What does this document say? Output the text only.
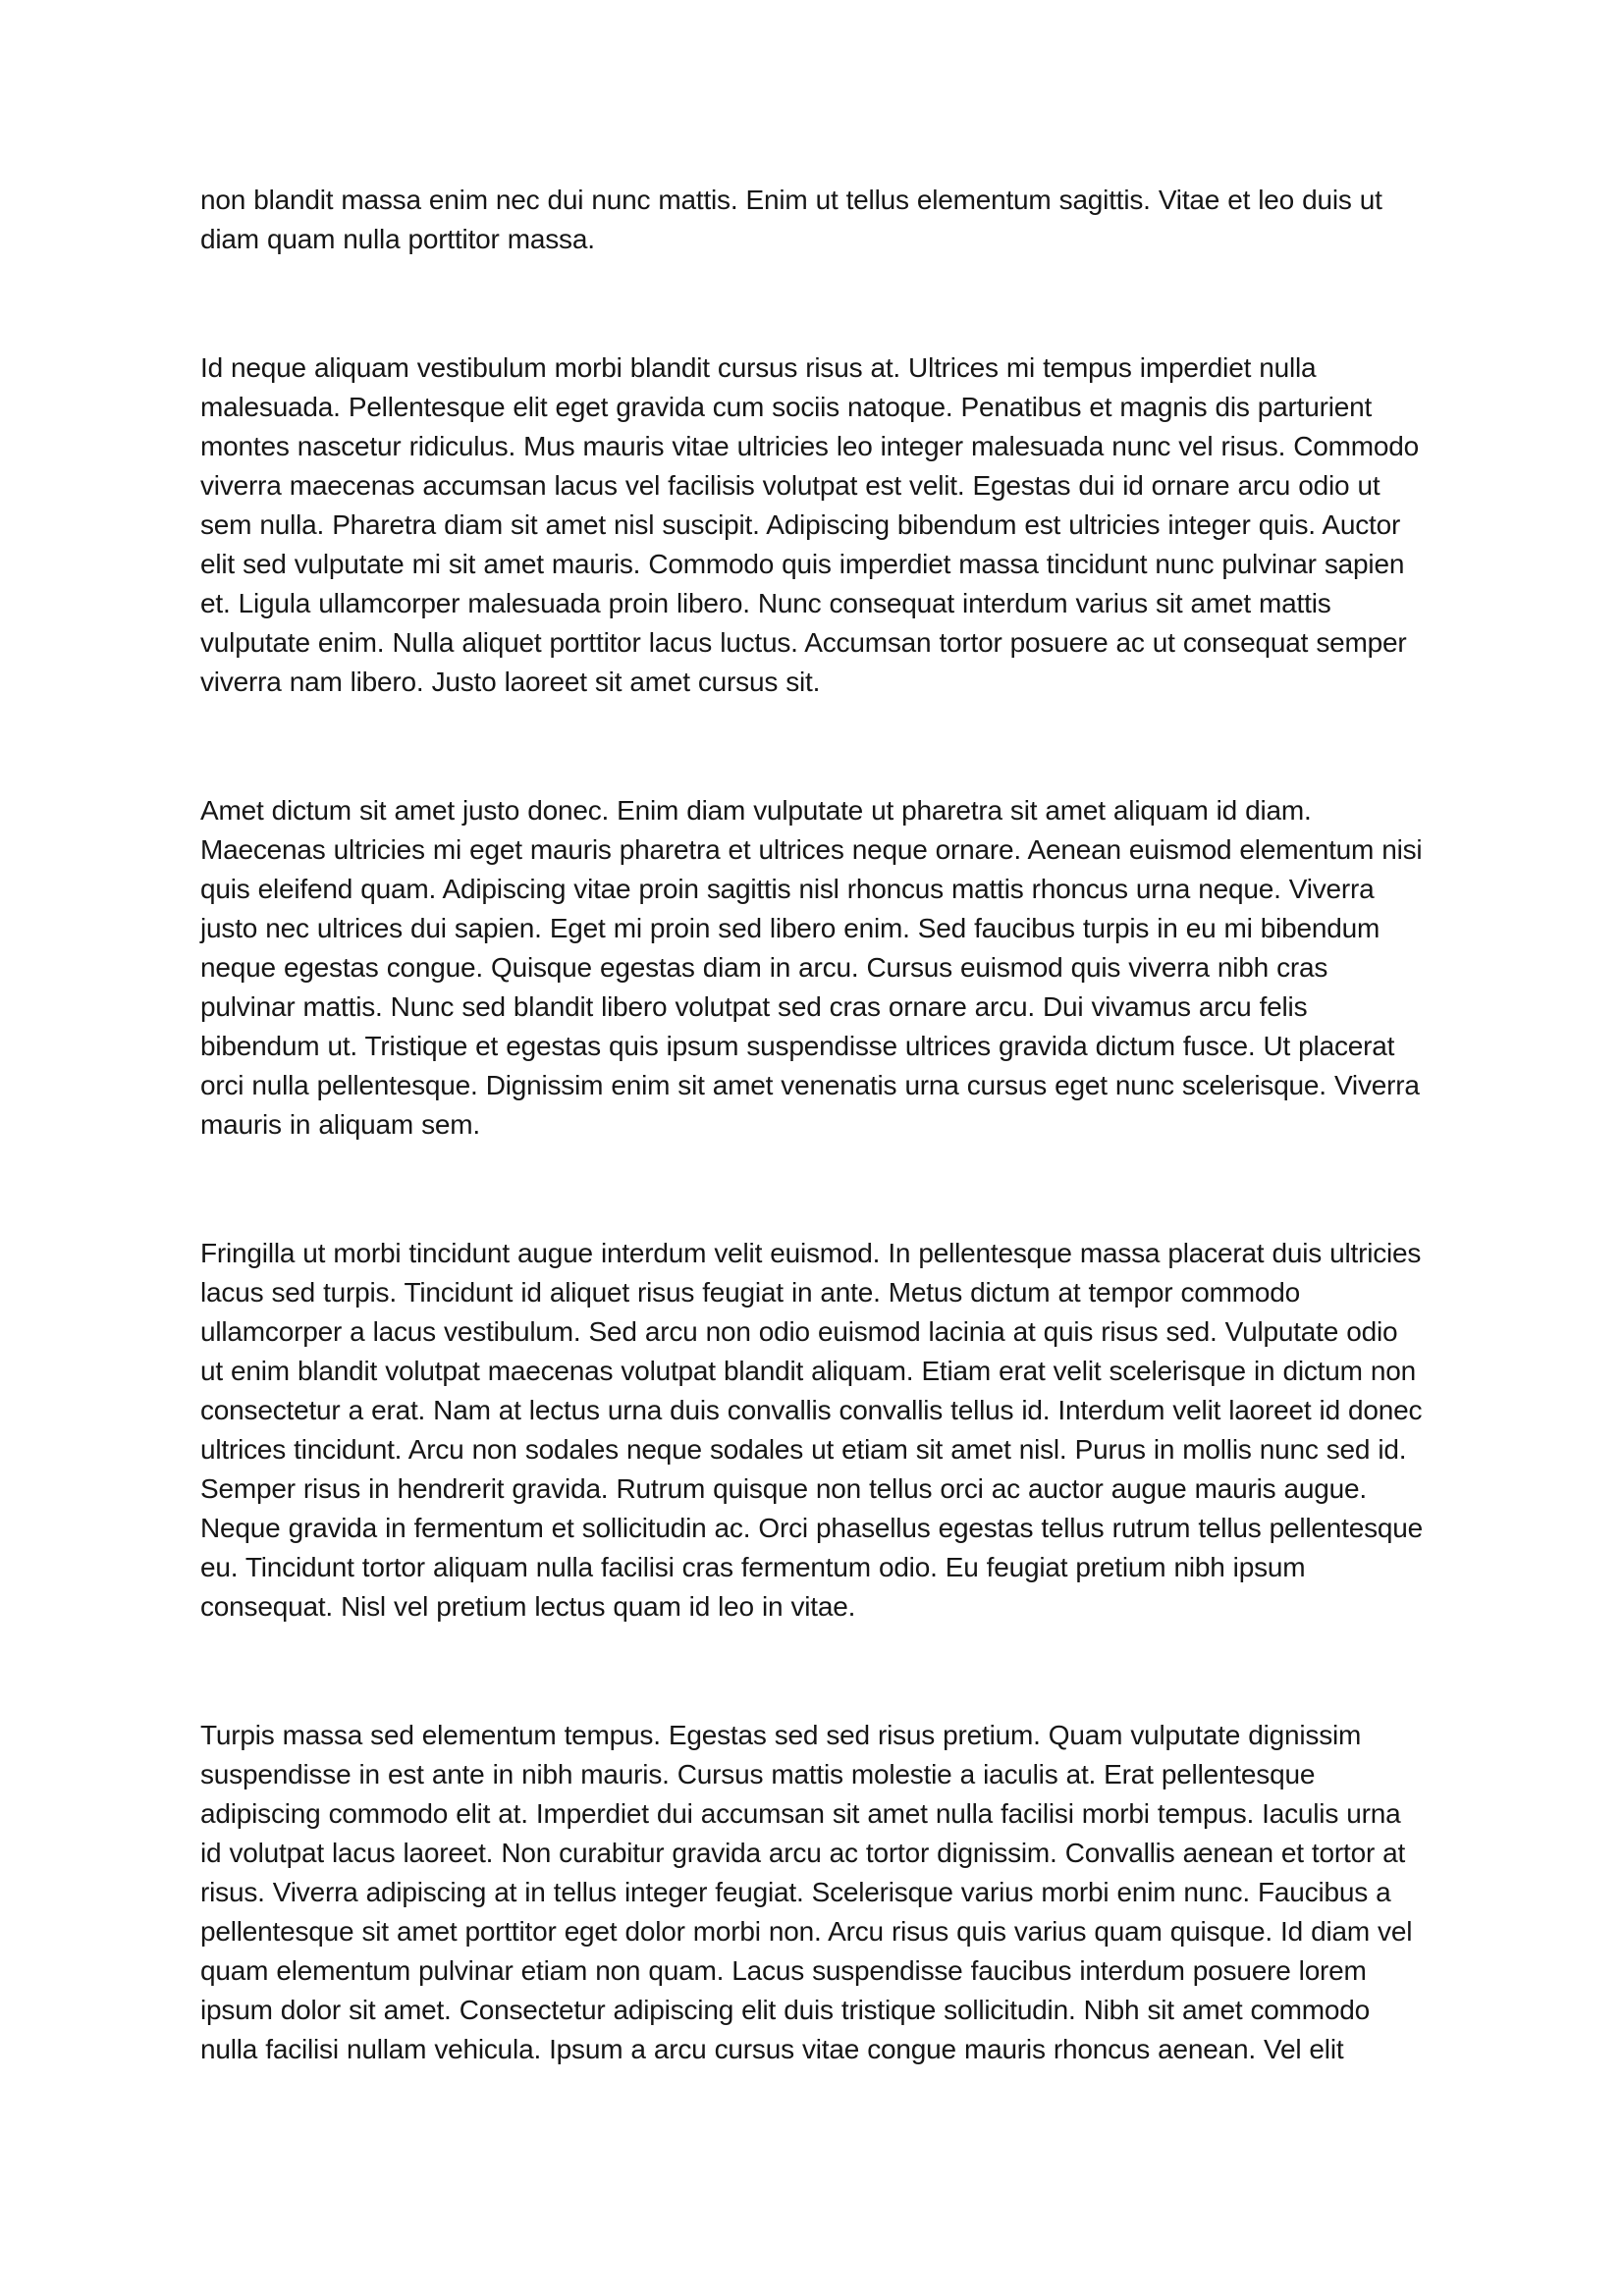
non blandit massa enim nec dui nunc mattis. Enim ut tellus elementum sagittis. Vitae et leo duis ut diam quam nulla porttitor massa.

Id neque aliquam vestibulum morbi blandit cursus risus at. Ultrices mi tempus imperdiet nulla malesuada. Pellentesque elit eget gravida cum sociis natoque. Penatibus et magnis dis parturient montes nascetur ridiculus. Mus mauris vitae ultricies leo integer malesuada nunc vel risus. Commodo viverra maecenas accumsan lacus vel facilisis volutpat est velit. Egestas dui id ornare arcu odio ut sem nulla. Pharetra diam sit amet nisl suscipit. Adipiscing bibendum est ultricies integer quis. Auctor elit sed vulputate mi sit amet mauris. Commodo quis imperdiet massa tincidunt nunc pulvinar sapien et. Ligula ullamcorper malesuada proin libero. Nunc consequat interdum varius sit amet mattis vulputate enim. Nulla aliquet porttitor lacus luctus. Accumsan tortor posuere ac ut consequat semper viverra nam libero. Justo laoreet sit amet cursus sit.

Amet dictum sit amet justo donec. Enim diam vulputate ut pharetra sit amet aliquam id diam. Maecenas ultricies mi eget mauris pharetra et ultrices neque ornare. Aenean euismod elementum nisi quis eleifend quam. Adipiscing vitae proin sagittis nisl rhoncus mattis rhoncus urna neque. Viverra justo nec ultrices dui sapien. Eget mi proin sed libero enim. Sed faucibus turpis in eu mi bibendum neque egestas congue. Quisque egestas diam in arcu. Cursus euismod quis viverra nibh cras pulvinar mattis. Nunc sed blandit libero volutpat sed cras ornare arcu. Dui vivamus arcu felis bibendum ut. Tristique et egestas quis ipsum suspendisse ultrices gravida dictum fusce. Ut placerat orci nulla pellentesque. Dignissim enim sit amet venenatis urna cursus eget nunc scelerisque. Viverra mauris in aliquam sem.

Fringilla ut morbi tincidunt augue interdum velit euismod. In pellentesque massa placerat duis ultricies lacus sed turpis. Tincidunt id aliquet risus feugiat in ante. Metus dictum at tempor commodo ullamcorper a lacus vestibulum. Sed arcu non odio euismod lacinia at quis risus sed. Vulputate odio ut enim blandit volutpat maecenas volutpat blandit aliquam. Etiam erat velit scelerisque in dictum non consectetur a erat. Nam at lectus urna duis convallis convallis tellus id. Interdum velit laoreet id donec ultrices tincidunt. Arcu non sodales neque sodales ut etiam sit amet nisl. Purus in mollis nunc sed id. Semper risus in hendrerit gravida. Rutrum quisque non tellus orci ac auctor augue mauris augue. Neque gravida in fermentum et sollicitudin ac. Orci phasellus egestas tellus rutrum tellus pellentesque eu. Tincidunt tortor aliquam nulla facilisi cras fermentum odio. Eu feugiat pretium nibh ipsum consequat. Nisl vel pretium lectus quam id leo in vitae.

Turpis massa sed elementum tempus. Egestas sed sed risus pretium. Quam vulputate dignissim suspendisse in est ante in nibh mauris. Cursus mattis molestie a iaculis at. Erat pellentesque adipiscing commodo elit at. Imperdiet dui accumsan sit amet nulla facilisi morbi tempus. Iaculis urna id volutpat lacus laoreet. Non curabitur gravida arcu ac tortor dignissim. Convallis aenean et tortor at risus. Viverra adipiscing at in tellus integer feugiat. Scelerisque varius morbi enim nunc. Faucibus a pellentesque sit amet porttitor eget dolor morbi non. Arcu risus quis varius quam quisque. Id diam vel quam elementum pulvinar etiam non quam. Lacus suspendisse faucibus interdum posuere lorem ipsum dolor sit amet. Consectetur adipiscing elit duis tristique sollicitudin. Nibh sit amet commodo nulla facilisi nullam vehicula. Ipsum a arcu cursus vitae congue mauris rhoncus aenean. Vel elit
